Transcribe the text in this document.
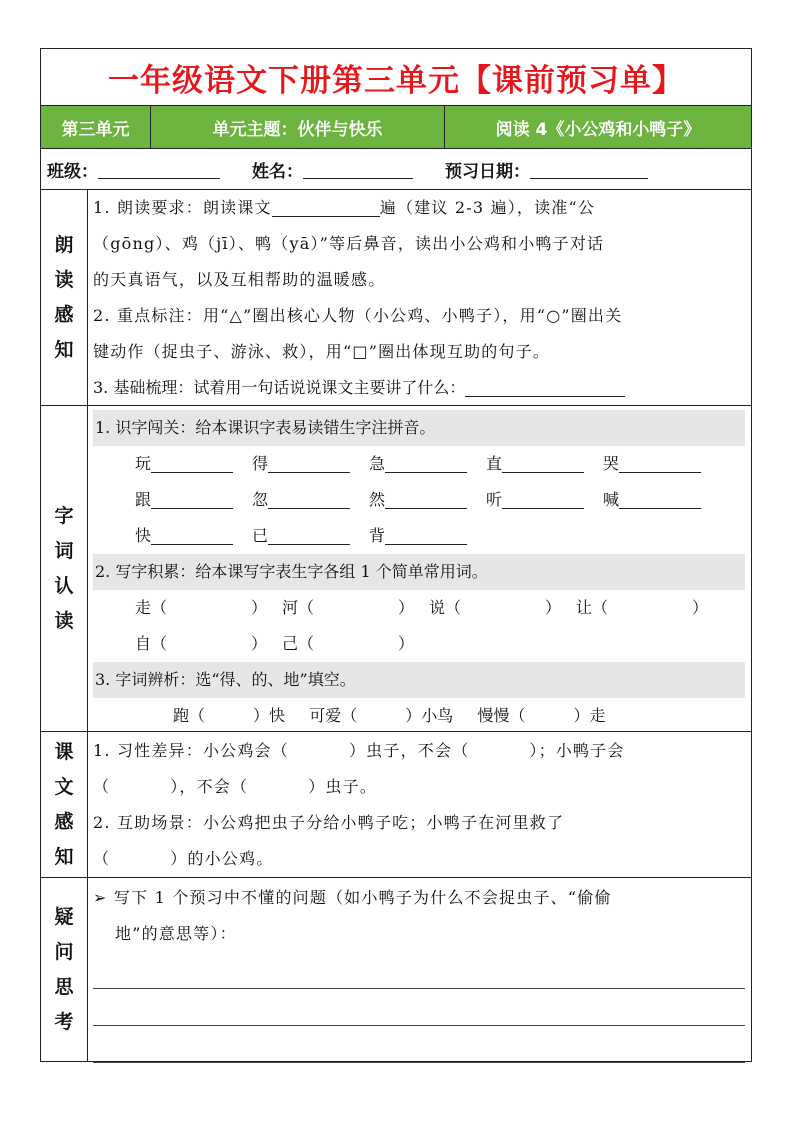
一年级语文下册第三单元【课前预习单】
第三单元	单元主题：伙伴与快乐	阅读 4《小公鸡和小鸭子》
班级：	姓名：	预习日期：
朗
读
感
知
1. 朗读要求：朗读课文	遍（建议 2-3 遍），读准“公
（gōng）、鸡（jī）、鸭（yā）”等后鼻音，读出小公鸡和小鸭子对话
的天真语气，以及互相帮助的温暖感。
2. 重点标注：用“△”圈出核心人物（小公鸡、小鸭子），用“○”圈出关
键动作（捉虫子、游泳、救），用“□”圈出体现互助的句子。
3. 基础梳理：试着用一句话说说课文主要讲了什么：
字
词
认
读
1. 识字闯关：给本课识字表易读错生字注拼音。
玩	得	急	直	哭
跟	忽	然	听	喊
快	已	背
2. 写字积累：给本课写字表生字各组 1 个简单常用词。
走（	） 河（	） 说（	） 让（	）
自（	） 己（	）
3. 字词辨析：选“得、的、地”填空。
跑（	）快 可爱（	）小鸟 慢慢（	）走
课
文
感
知
1. 习性差异：小公鸡会（	）虫子，不会（	）；小鸭子会
（	），不会（	）虫子。
2. 互助场景：小公鸡把虫子分给小鸭子吃；小鸭子在河里救了
（	）的小公鸡。
疑
问
思
考
➢ 写下 1 个预习中不懂的问题（如小鸭子为什么不会捉虫子、“偷偷
地”的意思等）：
